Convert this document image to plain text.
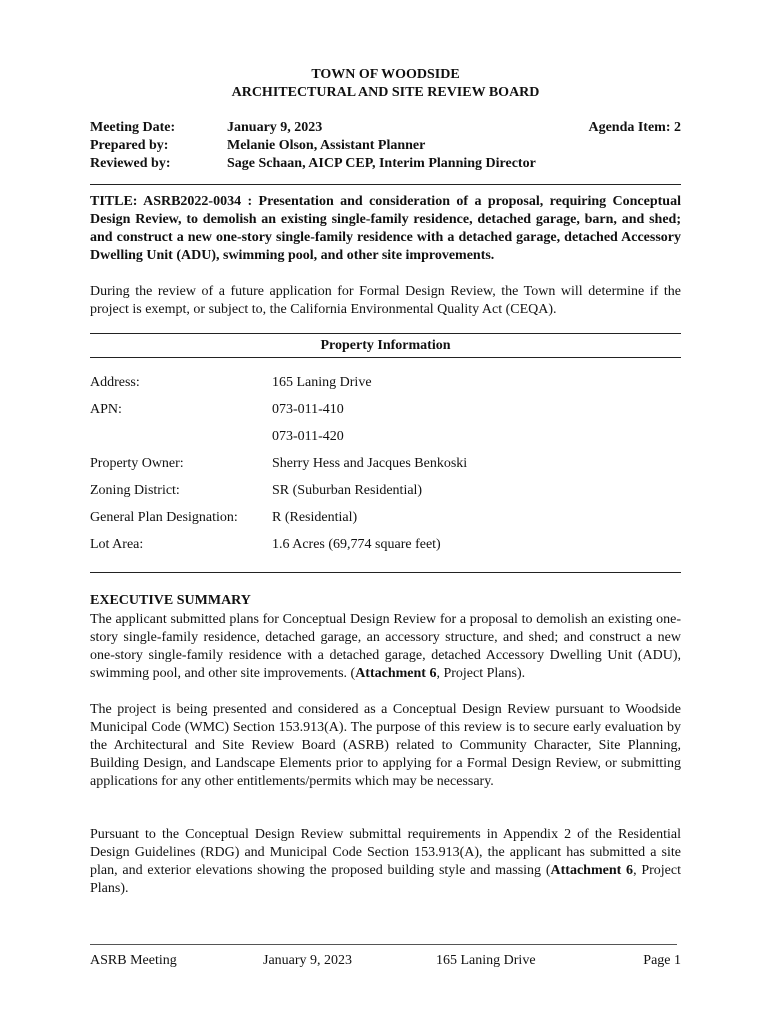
TOWN OF WOODSIDE
ARCHITECTURAL AND SITE REVIEW BOARD
Meeting Date:	January 9, 2023	Agenda Item: 2
Prepared by:	Melanie Olson, Assistant Planner
Reviewed by:	Sage Schaan, AICP CEP, Interim Planning Director
TITLE: ASRB2022-0034 : Presentation and consideration of a proposal, requiring Conceptual Design Review, to demolish an existing single-family residence, detached garage, barn, and shed; and construct a new one-story single-family residence with a detached garage, detached Accessory Dwelling Unit (ADU), swimming pool, and other site improvements.
During the review of a future application for Formal Design Review, the Town will determine if the project is exempt, or subject to, the California Environmental Quality Act (CEQA).
Property Information
Address:	165 Laning Drive
APN:	073-011-410
073-011-420
Property Owner:	Sherry Hess and Jacques Benkoski
Zoning District:	SR (Suburban Residential)
General Plan Designation: R (Residential)
Lot Area:	1.6 Acres (69,774 square feet)
EXECUTIVE SUMMARY
The applicant submitted plans for Conceptual Design Review for a proposal to demolish an existing one-story single-family residence, detached garage, an accessory structure, and shed; and construct a new one-story single-family residence with a detached garage, detached Accessory Dwelling Unit (ADU), swimming pool, and other site improvements. (Attachment 6, Project Plans).
The project is being presented and considered as a Conceptual Design Review pursuant to Woodside Municipal Code (WMC) Section 153.913(A). The purpose of this review is to secure early evaluation by the Architectural and Site Review Board (ASRB) related to Community Character, Site Planning, Building Design, and Landscape Elements prior to applying for a Formal Design Review, or submitting applications for any other entitlements/permits which may be necessary.
Pursuant to the Conceptual Design Review submittal requirements in Appendix 2 of the Residential Design Guidelines (RDG) and Municipal Code Section 153.913(A), the applicant has submitted a site plan, and exterior elevations showing the proposed building style and massing (Attachment 6, Project Plans).
ASRB Meeting	January 9, 2023	165 Laning Drive	Page 1
